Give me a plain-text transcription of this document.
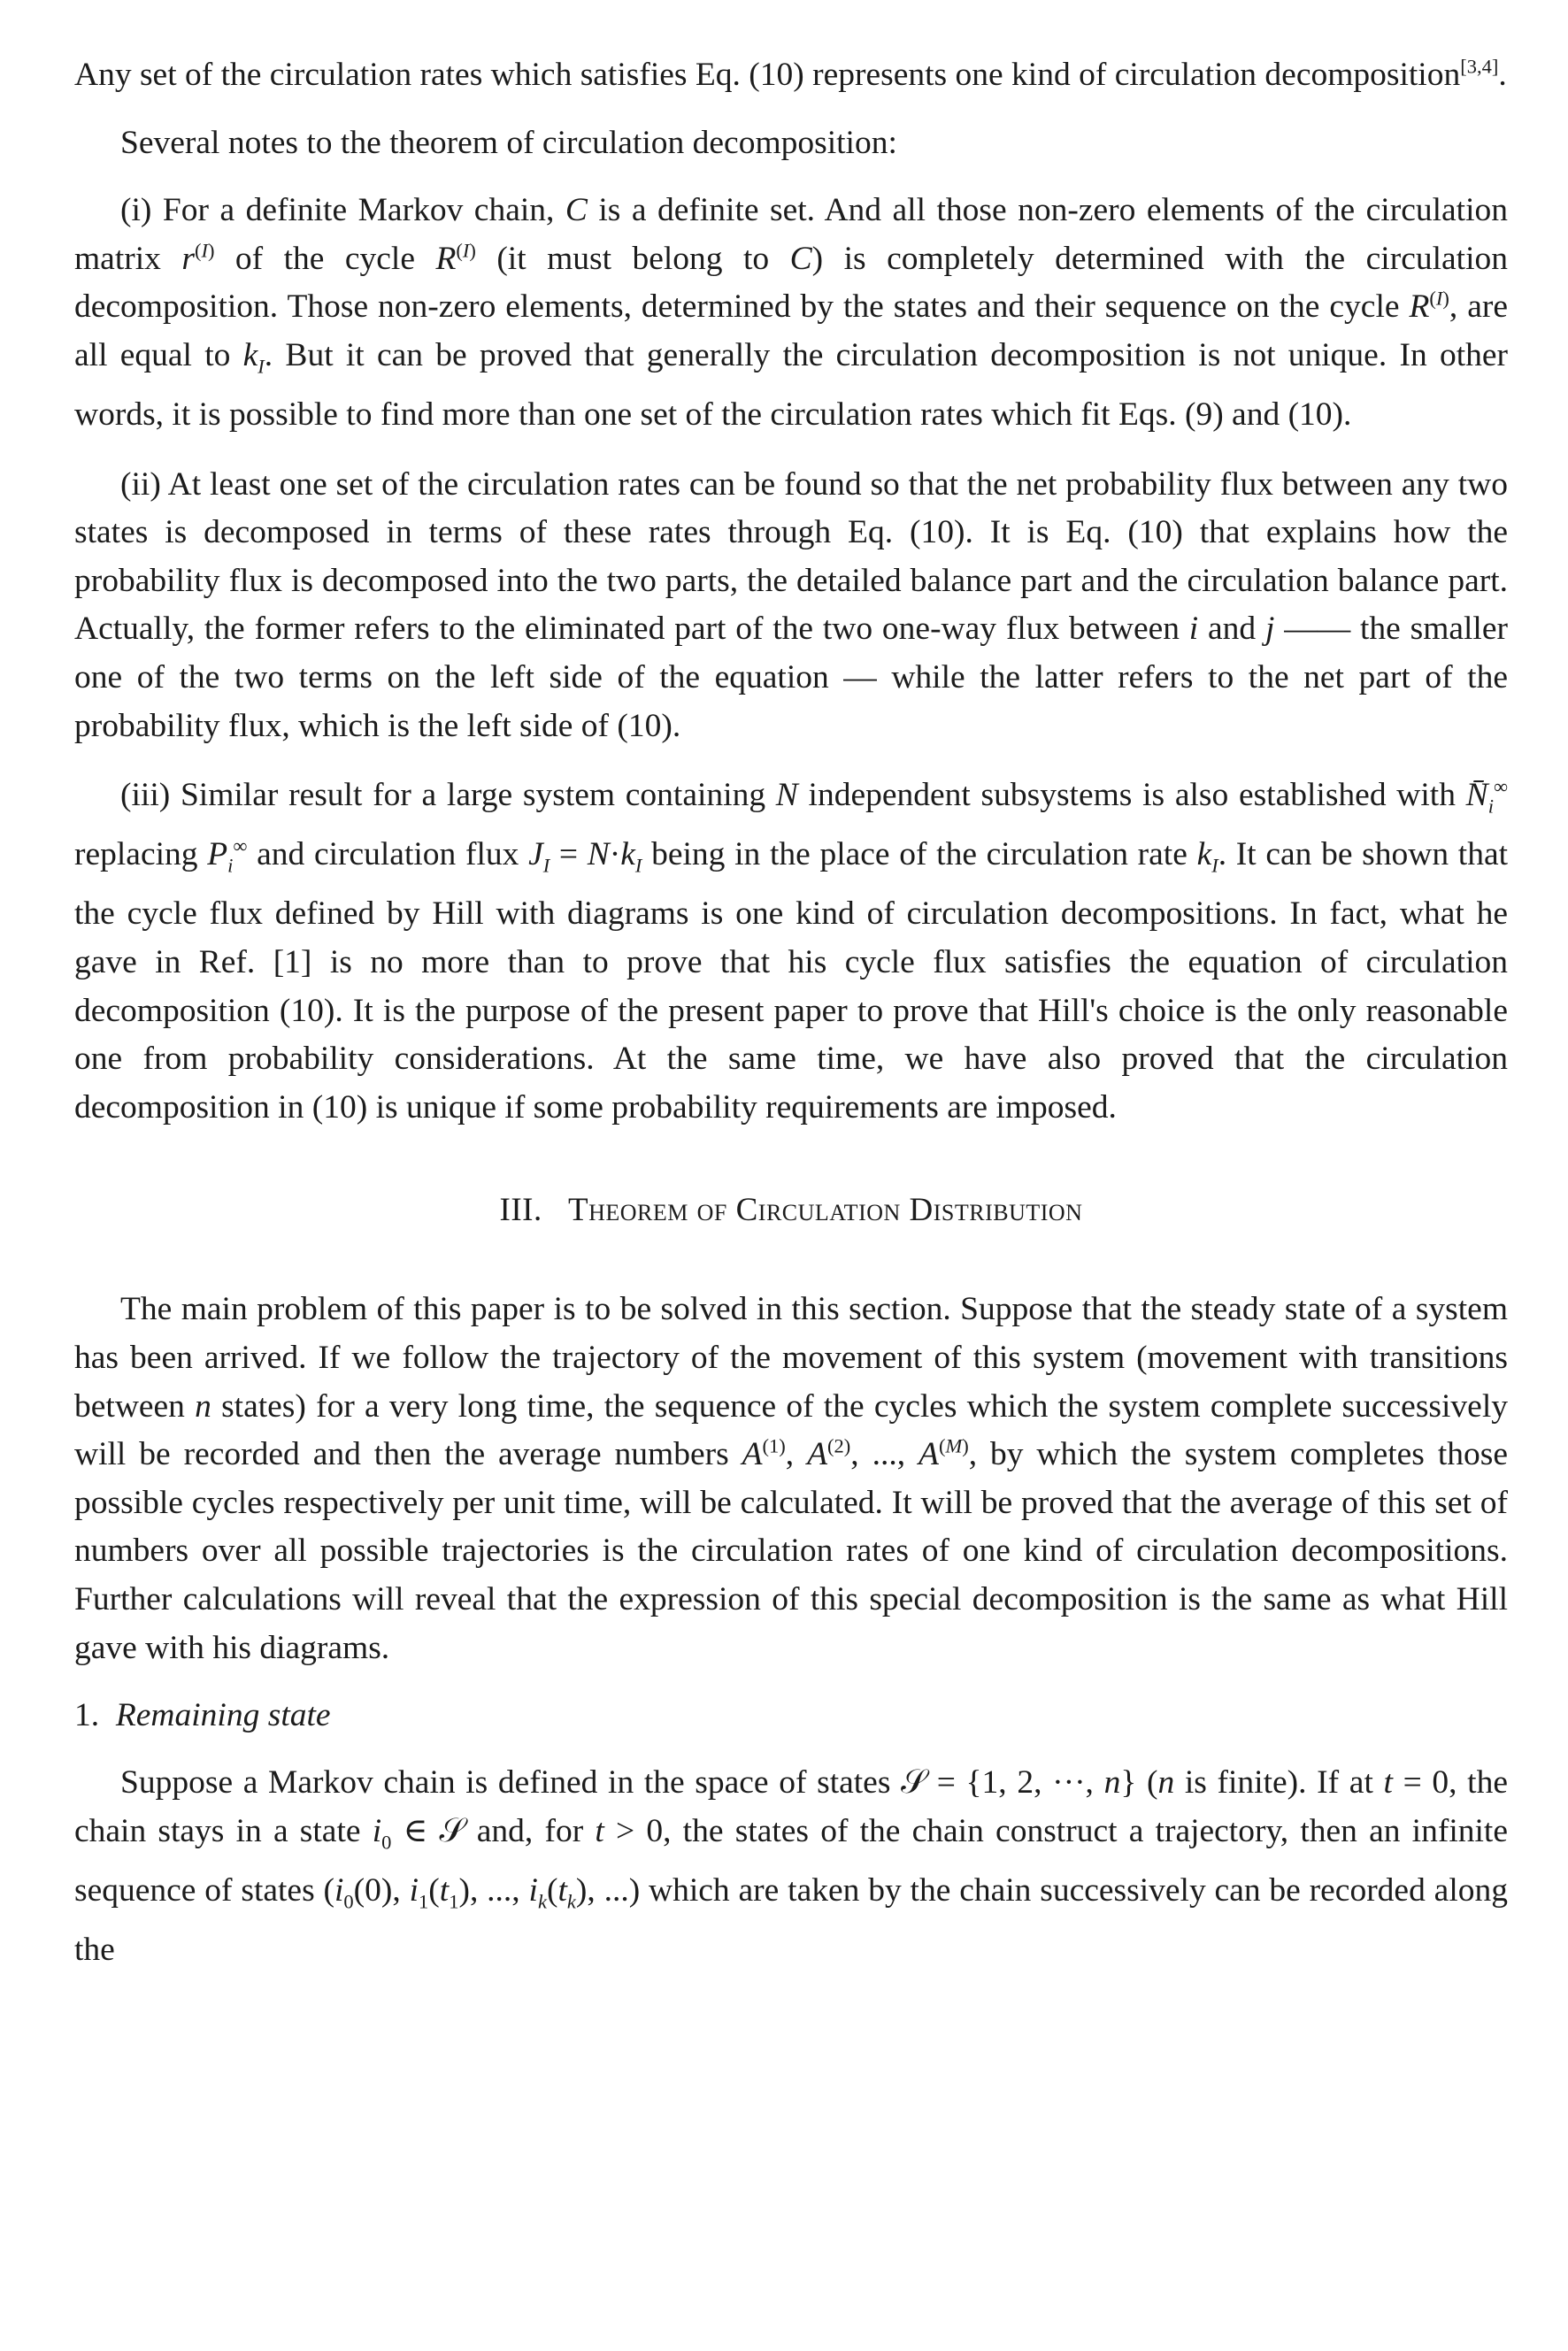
Any set of the circulation rates which satisfies Eq. (10) represents one kind of circulation decomposition[3,4].

Several notes to the theorem of circulation decomposition:

(i) For a definite Markov chain, C is a definite set. And all those non-zero elements of the circulation matrix $r^{(I)}$ of the cycle $R^{(I)}$ (it must belong to C) is completely determined with the circulation decomposition. Those non-zero elements, determined by the states and their sequence on the cycle $R^{(I)}$, are all equal to $k_I$. But it can be proved that generally the circulation decomposition is not unique. In other words, it is possible to find more than one set of the circulation rates which fit Eqs. (9) and (10).

(ii) At least one set of the circulation rates can be found so that the net probability flux between any two states is decomposed in terms of these rates through Eq. (10). It is Eq. (10) that explains how the probability flux is decomposed into the two parts, the detailed balance part and the circulation balance part. Actually, the former refers to the eliminated part of the two one-way flux between i and j —— the smaller one of the two terms on the left side of the equation — while the latter refers to the net part of the probability flux, which is the left side of (10).

(iii) Similar result for a large system containing N independent subsystems is also established with $N̄_i^\infty$ replacing $P_i^\infty$ and circulation flux $J_I = N\cdot k_I$ being in the place of the circulation rate $k_I$. It can be shown that the cycle flux defined by Hill with diagrams is one kind of circulation decompositions. In fact, what he gave in Ref. [1] is no more than to prove that his cycle flux satisfies the equation of circulation decomposition (10). It is the purpose of the present paper to prove that Hill's choice is the only reasonable one from probability considerations. At the same time, we have also proved that the circulation decomposition in (10) is unique if some probability requirements are imposed.

III. Theorem of Circulation Distribution

The main problem of this paper is to be solved in this section. Suppose that the steady state of a system has been arrived. If we follow the trajectory of the movement of this system (movement with transitions between n states) for a very long time, the sequence of the cycles which the system complete successively will be recorded and then the average numbers $A^{(1)}$, $A^{(2)}$, ..., $A^{(M)}$, by which the system completes those possible cycles respectively per unit time, will be calculated. It will be proved that the average of this set of numbers over all possible trajectories is the circulation rates of one kind of circulation decompositions. Further calculations will reveal that the expression of this special decomposition is the same as what Hill gave with his diagrams.

1. Remaining state

Suppose a Markov chain is defined in the space of states 𝒮 = {1, 2, ···, n} (n is finite). If at t = 0, the chain stays in a state $i_0$ ∈ 𝒮 and, for t > 0, the states of the chain construct a trajectory, then an infinite sequence of states ($i_0(0)$, $i_1(t_1)$, ..., $i_k(t_k)$, ...) which are taken by the chain successively can be recorded along the
